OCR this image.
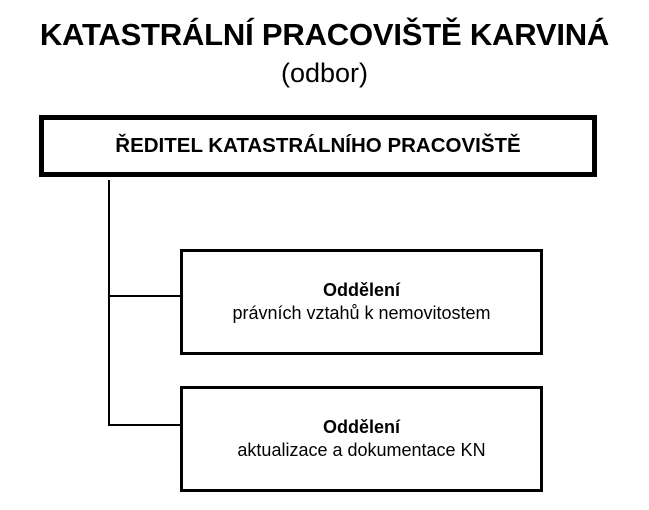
KATASTRÁLNÍ PRACOVIŠTĚ KARVINÁ
(odbor)
ŘEDITEL KATASTRÁLNÍHO PRACOVIŠTĚ
Oddělení
právních vztahů k nemovitostem
Oddělení
aktualizace a dokumentace KN
